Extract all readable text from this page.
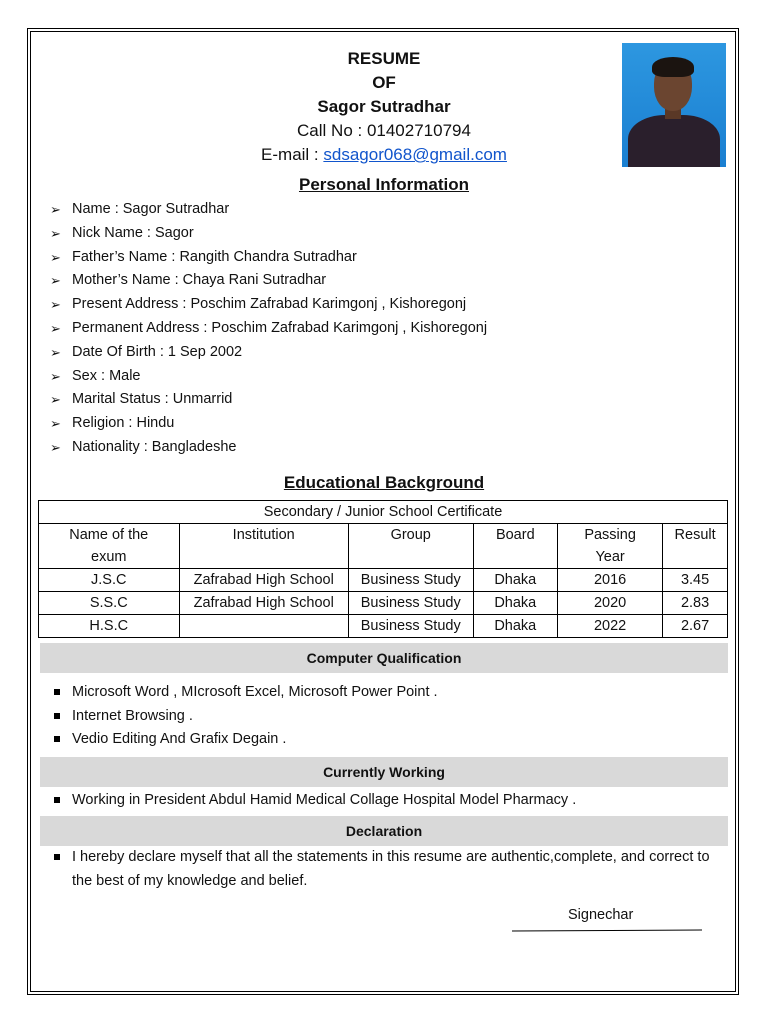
RESUME
OF
Sagor Sutradhar
Call No : 01402710794
E-mail : sdsagor068@gmail.com
Personal Information
➢ Name : Sagor Sutradhar
➢ Nick Name : Sagor
➢ Father’s Name : Rangith Chandra Sutradhar
➢ Mother’s Name : Chaya Rani Sutradhar
➢ Present Address : Poschim Zafrabad Karimgonj , Kishoregonj
➢ Permanent Address : Poschim Zafrabad Karimgonj , Kishoregonj
➢ Date Of Birth : 1 Sep 2002
➢ Sex : Male
➢ Marital Status : Unmarrid
➢ Religion : Hindu
➢ Nationality : Bangladeshe
Educational Background
Secondary / Junior School Certificate					
Name of the exum	Institution	Group	Board	Passing Year	Result
J.S.C	Zafrabad High School	Business Study	Dhaka	2016	3.45
S.S.C	Zafrabad High School	Business Study	Dhaka	2020	2.83
H.S.C		Business Study	Dhaka	2022	2.67
Computer Qualification
Microsoft Word , MIcrosoft Excel, Microsoft Power Point .
Internet Browsing .
Vedio Editing And Grafix Degain .
Currently Working
Working in President Abdul Hamid Medical Collage Hospital Model Pharmacy .
Declaration
I hereby declare myself that all the statements in this resume are authentic,complete, and correct to the best of my knowledge and belief.
Signechar
